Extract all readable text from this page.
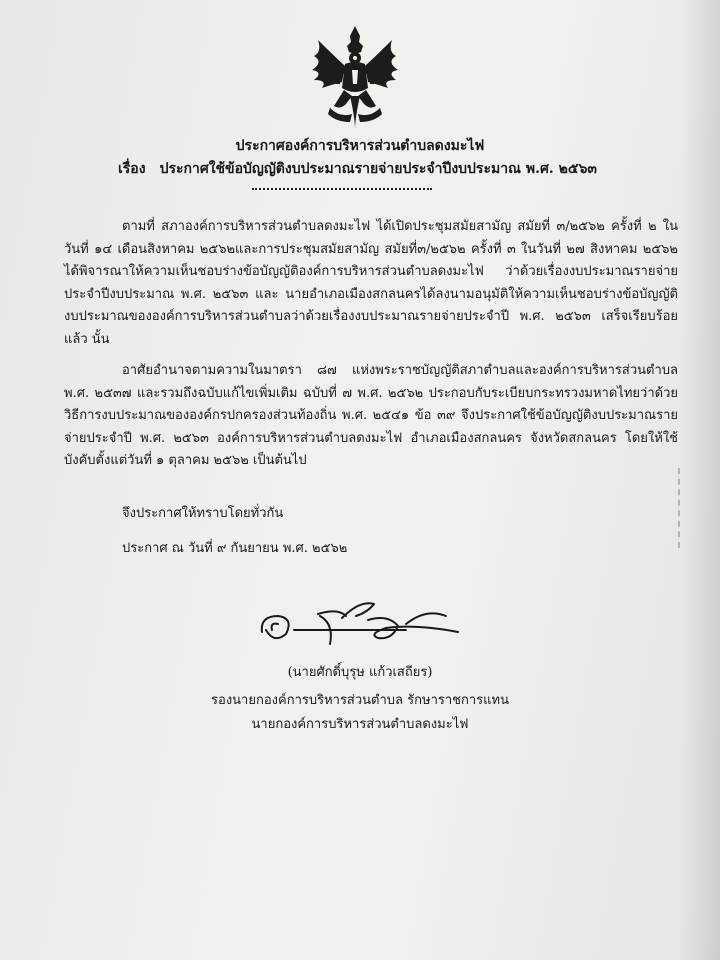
ประกาศองค์การบริหารส่วนตำบลดงมะไฟ
เรื่อง ประกาศใช้ข้อบัญญัติงบประมาณรายจ่ายประจำปีงบประมาณ พ.ศ. ๒๕๖๓
ตามที่ สภาองค์การบริหารส่วนตำบลดงมะไฟ ได้เปิดประชุมสมัยสามัญ สมัยที่ ๓/๒๕๖๒ ครั้งที่ ๒ ในวันที่ ๑๔ เดือนสิงหาคม ๒๕๖๒และการประชุมสมัยสามัญ สมัยที่๓/๒๕๖๒ ครั้งที่ ๓ ในวันที่ ๒๗ สิงหาคม ๒๕๖๒ ได้พิจารณาให้ความเห็นชอบร่างข้อบัญญัติองค์การบริหารส่วนตำบลดงมะไฟ ว่าด้วยเรื่องงบประมาณรายจ่ายประจำปีงบประมาณ พ.ศ. ๒๕๖๓ และ นายอำเภอเมืองสกลนครได้ลงนามอนุมัติให้ความเห็นชอบร่างข้อบัญญัติงบประมาณขององค์การบริหารส่วนตำบลว่าด้วยเรื่องงบประมาณรายจ่ายประจำปี พ.ศ. ๒๕๖๓ เสร็จเรียบร้อยแล้ว นั้น
อาศัยอำนาจตามความในมาตรา ๘๗ แห่งพระราชบัญญัติสภาตำบลและองค์การบริหารส่วนตำบล พ.ศ. ๒๕๓๗ และรวมถึงฉบับแก้ไขเพิ่มเติม ฉบับที่ ๗ พ.ศ. ๒๕๖๒ ประกอบกับระเบียบกระทรวงมหาดไทยว่าด้วยวิธีการงบประมาณขององค์กรปกครองส่วนท้องถิ่น พ.ศ. ๒๕๔๑ ข้อ ๓๙ จึงประกาศใช้ข้อบัญญัติงบประมาณรายจ่ายประจำปี พ.ศ. ๒๕๖๓ องค์การบริหารส่วนตำบลดงมะไฟ อำเภอเมืองสกลนคร จังหวัดสกลนคร โดยให้ใช้บังคับตั้งแต่วันที่ ๑ ตุลาคม ๒๕๖๒ เป็นต้นไป
จึงประกาศให้ทราบโดยทั่วกัน
ประกาศ ณ วันที่ ๙ กันยายน พ.ศ. ๒๕๖๒
(นายศักดิ์บุรุษ แก้วเสถียร)
รองนายกองค์การบริหารส่วนตำบล รักษาราชการแทน
นายกองค์การบริหารส่วนตำบลดงมะไฟ
